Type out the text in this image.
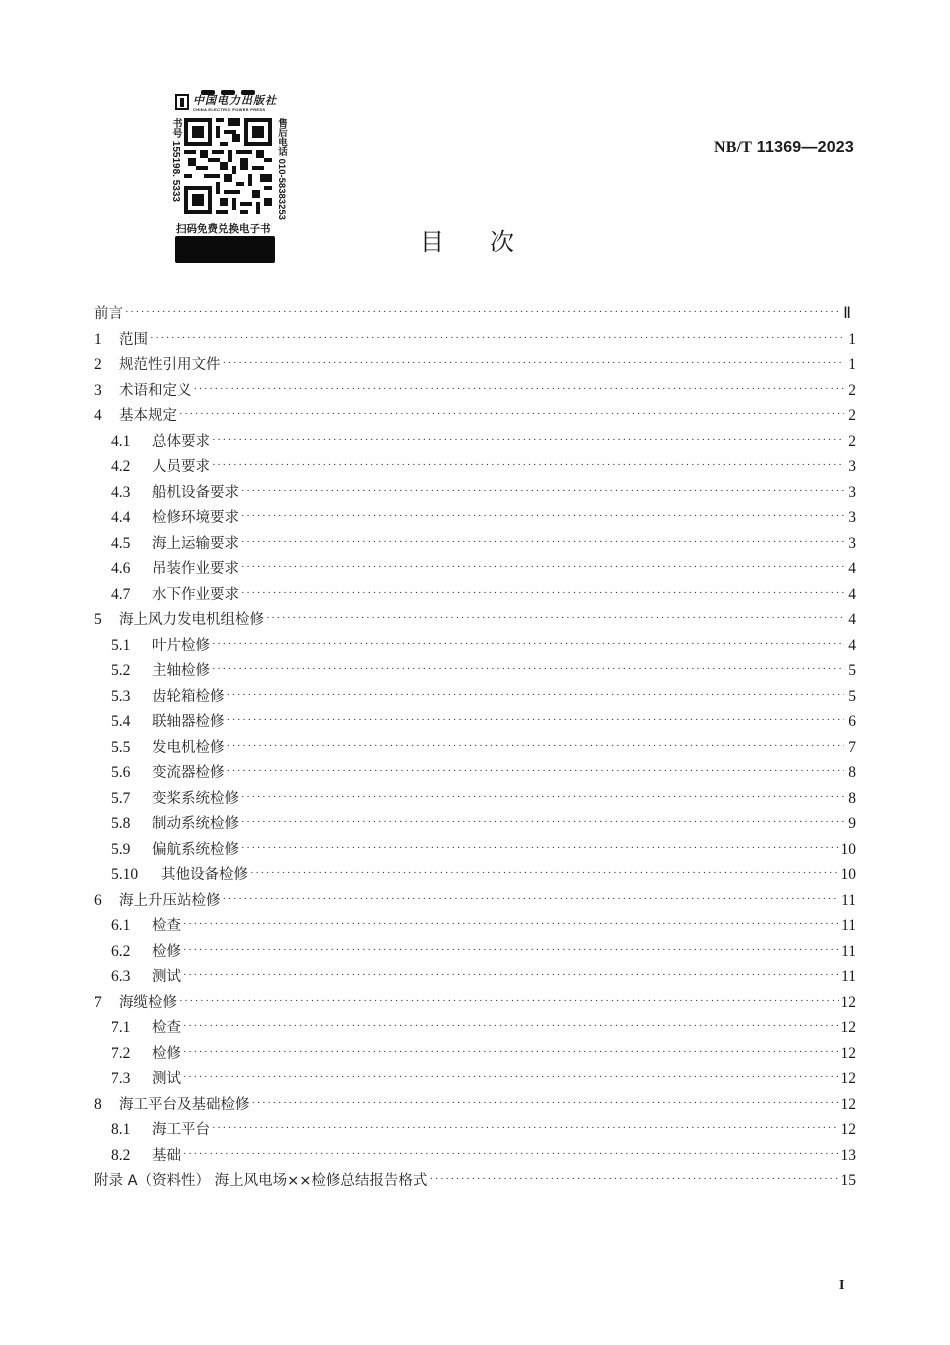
中国电力出版社
CHINA ELECTRIC POWER PRESS
书号 155198. 5333	售后电话 010-58383253
扫码免费兑换电子书
NB/T 11369—2023
目次
前言 ·····	Ⅱ
1	范围 ·····	1
2	规范性引用文件 ·····	1
3	术语和定义 ·····	2
4	基本规定 ·····	2
4.1	总体要求 ·····	2
4.2	人员要求 ·····	3
4.3	船机设备要求 ·····	3
4.4	检修环境要求 ·····	3
4.5	海上运输要求 ·····	3
4.6	吊装作业要求 ·····	4
4.7	水下作业要求 ·····	4
5	海上风力发电机组检修 ·····	4
5.1	叶片检修 ·····	4
5.2	主轴检修 ·····	5
5.3	齿轮箱检修 ·····	5
5.4	联轴器检修 ·····	6
5.5	发电机检修 ·····	7
5.6	变流器检修 ·····	8
5.7	变桨系统检修 ·····	8
5.8	制动系统检修 ·····	9
5.9	偏航系统检修 ·····	10
5.10	其他设备检修 ·····	10
6	海上升压站检修 ·····	11
6.1	检查 ·····	11
6.2	检修 ·····	11
6.3	测试 ·····	11
7	海缆检修 ·····	12
7.1	检查 ·····	12
7.2	检修 ·····	12
7.3	测试 ·····	12
8	海工平台及基础检修 ·····	12
8.1	海工平台 ·····	12
8.2	基础 ·····	13
附录 A（资料性） 海上风电场××检修总结报告格式 ·····	15
I
